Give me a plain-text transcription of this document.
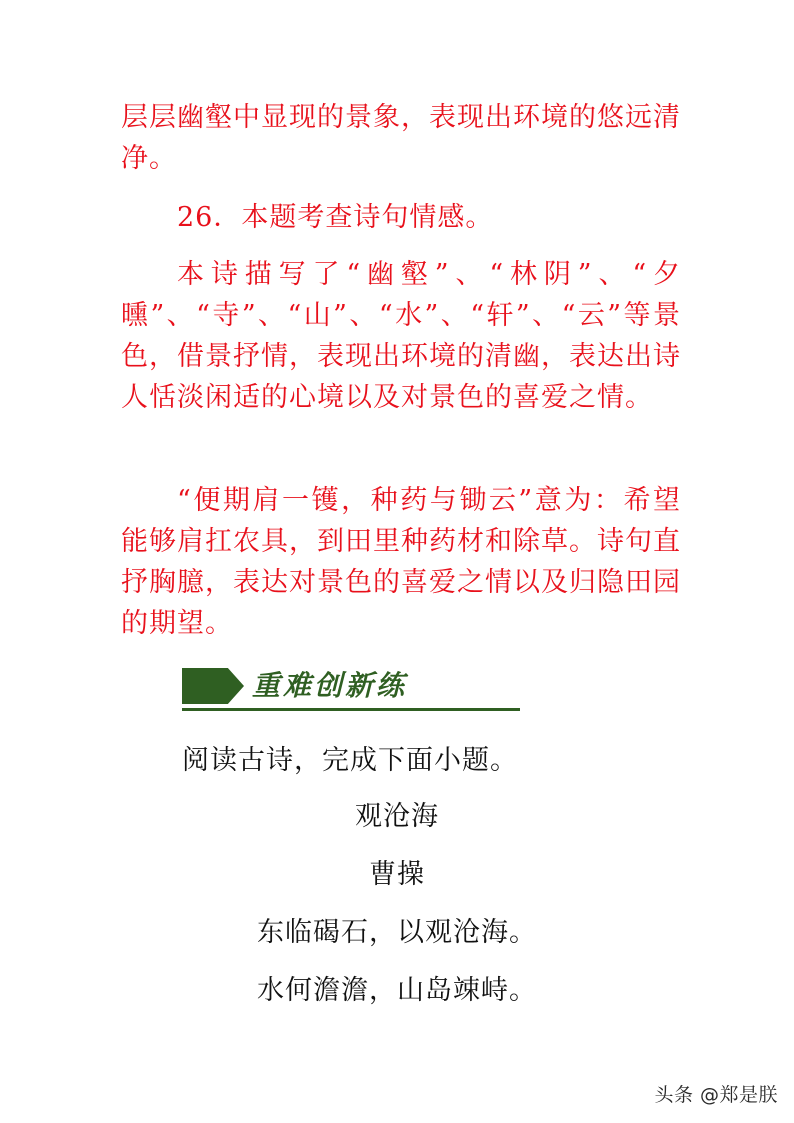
层层幽壑中显现的景象，表现出环境的悠远清净。

26．本题考查诗句情感。

本诗描写了“幽壑”、“林阴”、“夕曛”、“寺”、“山”、“水”、“轩”、“云”等景色，借景抒情，表现出环境的清幽，表达出诗人恬淡闲适的心境以及对景色的喜爱之情。

“便期肩一镬，种药与锄云”意为：希望能够肩扛农具，到田里种药材和除草。诗句直抒胸臆，表达对景色的喜爱之情以及归隐田园的期望。

重难创新练

阅读古诗，完成下面小题。

观沧海

曹操

东临碣石，以观沧海。

水何澹澹，山岛竦峙。

头条 @郑是朕
